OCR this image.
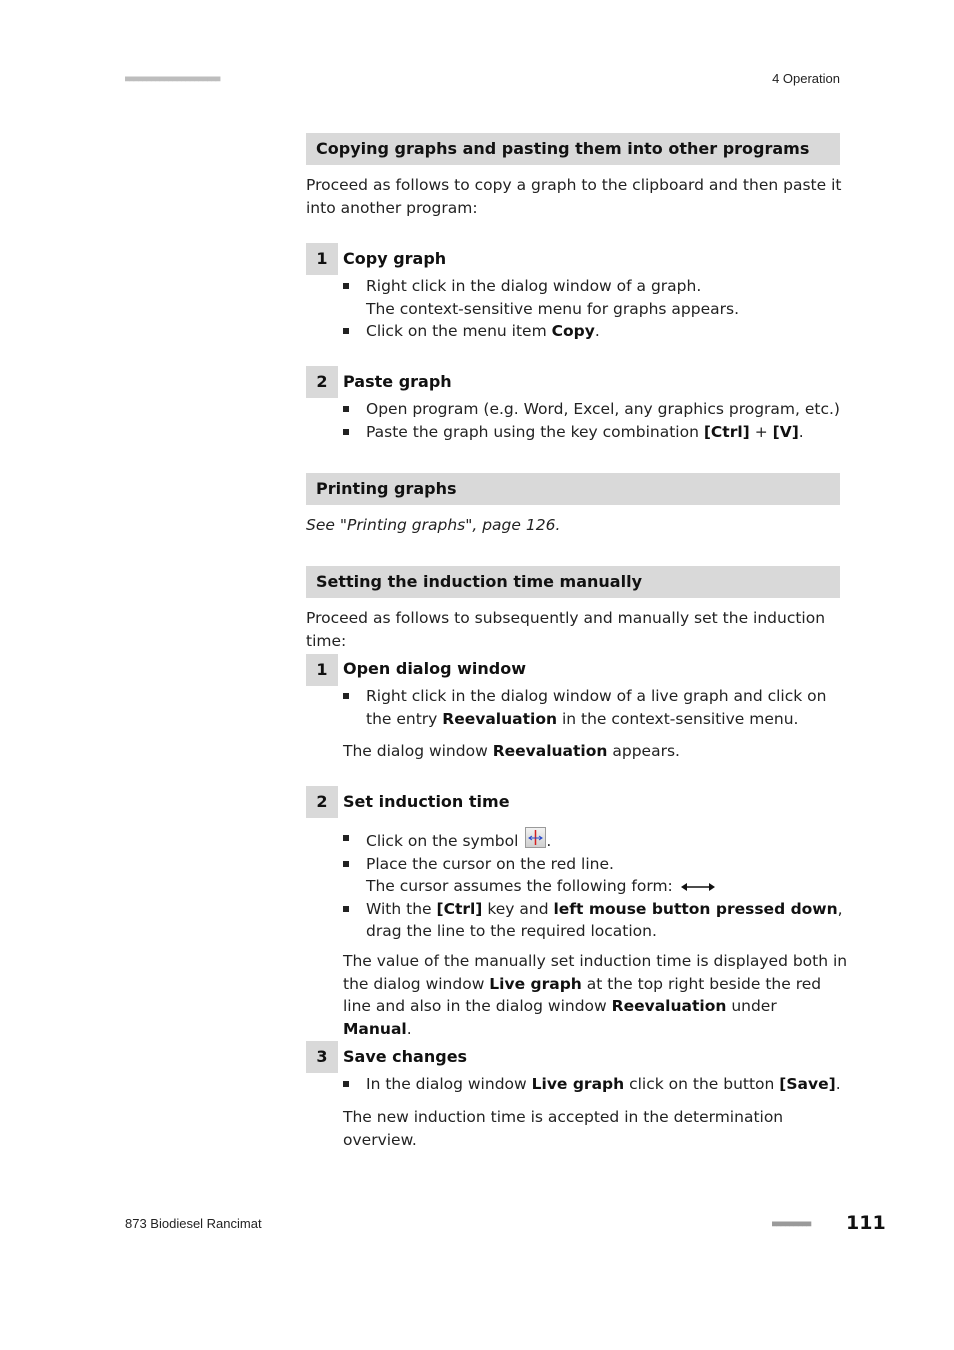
■■■■■■■■■■■■■■■■■■■■■■	4 Operation
Copying graphs and pasting them into other programs
Proceed as follows to copy a graph to the clipboard and then paste it into another program:
1 Copy graph
Right click in the dialog window of a graph.
The context-sensitive menu for graphs appears.
Click on the menu item Copy.
2 Paste graph
Open program (e.g. Word, Excel, any graphics program, etc.)
Paste the graph using the key combination [Ctrl] + [V].
Printing graphs
See "Printing graphs", page 126.
Setting the induction time manually
Proceed as follows to subsequently and manually set the induction time:
1 Open dialog window
Right click in the dialog window of a live graph and click on the entry Reevaluation in the context-sensitive menu.
The dialog window Reevaluation appears.
2 Set induction time
Click on the symbol
.
Place the cursor on the red line.
The cursor assumes the following form:
With the [Ctrl] key and left mouse button pressed down, drag the line to the required location.
The value of the manually set induction time is displayed both in the dialog window Live graph at the top right beside the red line and also in the dialog window Reevaluation under Manual.
3 Save changes
In the dialog window Live graph click on the button [Save].
The new induction time is accepted in the determination overview.
873 Biodiesel Rancimat	■■■■■■■■■ 111
